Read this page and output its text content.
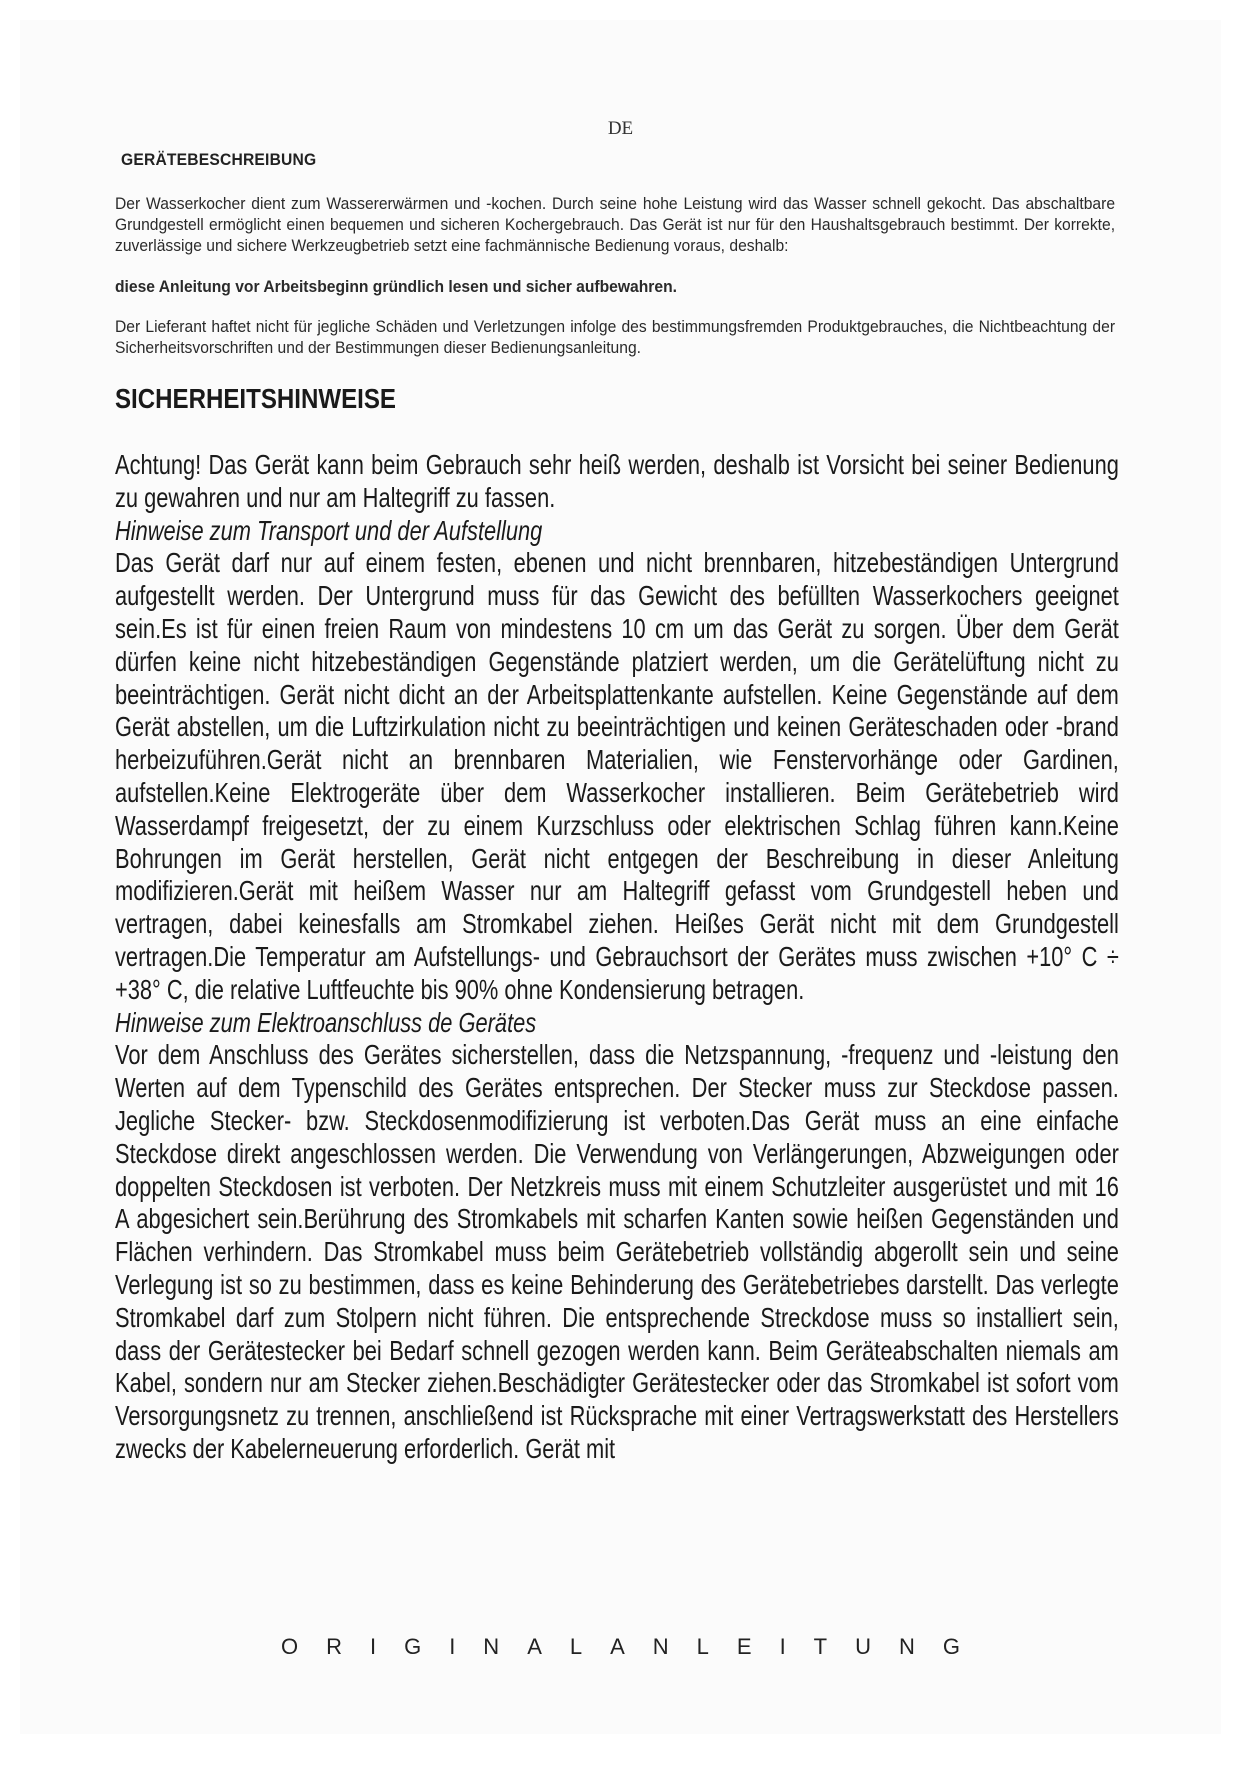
DE
GERÄTEBESCHREIBUNG

Der Wasserkocher dient zum Wassererwärmen und -kochen. Durch seine hohe Leistung wird das Wasser schnell gekocht. Das abschaltbare Grundgestell ermöglicht einen bequemen und sicheren Kochergebrauch. Das Gerät ist nur für den Haushaltsgebrauch bestimmt. Der korrekte, zuverlässige und sichere Werkzeugbetrieb setzt eine fachmännische Bedienung voraus, deshalb:

diese Anleitung vor Arbeitsbeginn gründlich lesen und sicher aufbewahren.

Der Lieferant haftet nicht für jegliche Schäden und Verletzungen infolge des bestimmungsfremden Produktgebrauches, die Nichtbeachtung der Sicherheitsvorschriften und der Bestimmungen dieser Bedienungsanleitung.

SICHERHEITSHINWEISE

Achtung! Das Gerät kann beim Gebrauch sehr heiß werden, deshalb ist Vorsicht bei seiner Bedienung zu gewahren und nur am Haltegriff zu fassen.

Hinweise zum Transport und der Aufstellung

Das Gerät darf nur auf einem festen, ebenen und nicht brennbaren, hitzebeständigen Untergrund aufgestellt werden. Der Untergrund muss für das Gewicht des befüllten Wasserkochers geeignet sein.Es ist für einen freien Raum von mindestens 10 cm um das Gerät zu sorgen. Über dem Gerät dürfen keine nicht hitzebeständigen Gegenstände platziert werden, um die Gerätelüftung nicht zu beeinträchtigen. Gerät nicht dicht an der Arbeitsplattenkante aufstellen. Keine Gegenstände auf dem Gerät abstellen, um die Luftzirkulation nicht zu beeinträchtigen und keinen Geräteschaden oder -brand herbeizuführen.Gerät nicht an brennbaren Materialien, wie Fenstervorhänge oder Gardinen, aufstellen.Keine Elektrogeräte über dem Wasserkocher installieren. Beim Gerätebetrieb wird Wasserdampf freigesetzt, der zu einem Kurzschluss oder elektrischen Schlag führen kann.Keine Bohrungen im Gerät herstellen, Gerät nicht entgegen der Beschreibung in dieser Anleitung modifizieren.Gerät mit heißem Wasser nur am Haltegriff gefasst vom Grundgestell heben und vertragen, dabei keinesfalls am Stromkabel ziehen. Heißes Gerät nicht mit dem Grundgestell vertragen.Die Temperatur am Aufstellungs- und Gebrauchsort der Gerätes muss zwischen +10° C ÷ +38° C, die relative Luftfeuchte bis 90% ohne Kondensierung betragen.

Hinweise zum Elektroanschluss de Gerätes

Vor dem Anschluss des Gerätes sicherstellen, dass die Netzspannung, -frequenz und -leistung den Werten auf dem Typenschild des Gerätes entsprechen. Der Stecker muss zur Steckdose passen. Jegliche Stecker- bzw. Steckdosenmodifizierung ist verboten.Das Gerät muss an eine einfache Steckdose direkt angeschlossen werden. Die Verwendung von Verlängerungen, Abzweigungen oder doppelten Steckdosen ist verboten. Der Netzkreis muss mit einem Schutzleiter ausgerüstet und mit 16 A abgesichert sein.Berührung des Stromkabels mit scharfen Kanten sowie heißen Gegenständen und Flächen verhindern. Das Stromkabel muss beim Gerätebetrieb vollständig abgerollt sein und seine Verlegung ist so zu bestimmen, dass es keine Behinderung des Gerätebetriebes darstellt. Das verlegte Stromkabel darf zum Stolpern nicht führen. Die entsprechende Streckdose muss so installiert sein, dass der Gerätestecker bei Bedarf schnell gezogen werden kann. Beim Geräteabschalten niemals am Kabel, sondern nur am Stecker ziehen.Beschädigter Gerätestecker oder das Stromkabel ist sofort vom Versorgungsnetz zu trennen, anschließend ist Rücksprache mit einer Vertragswerkstatt des Herstellers zwecks der Kabelerneuerung erforderlich. Gerät mit

ORIGINALANLEITUNG
